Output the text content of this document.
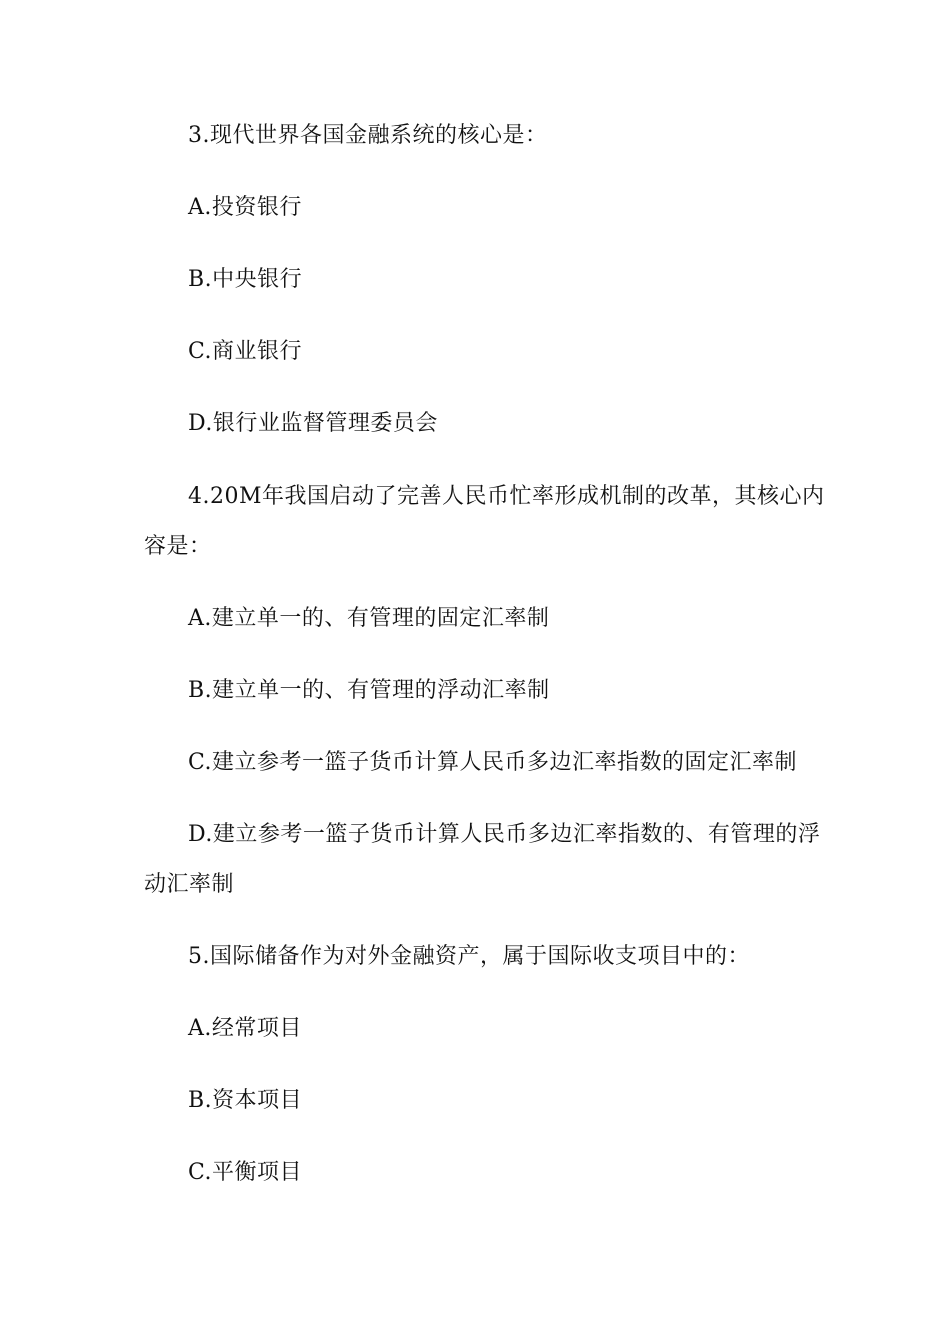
3.现代世界各国金融系统的核心是：
A.投资银行
B.中央银行
C.商业银行
D.银行业监督管理委员会
4.20M年我国启动了完善人民币忙率形成机制的改革，其核心内
容是：
A.建立单一的、有管理的固定汇率制
B.建立单一的、有管理的浮动汇率制
C.建立参考一篮子货币计算人民币多边汇率指数的固定汇率制
D.建立参考一篮子货币计算人民币多边汇率指数的、有管理的浮
动汇率制
5.国际储备作为对外金融资产，属于国际收支项目中的：
A.经常项目
B.资本项目
C.平衡项目
